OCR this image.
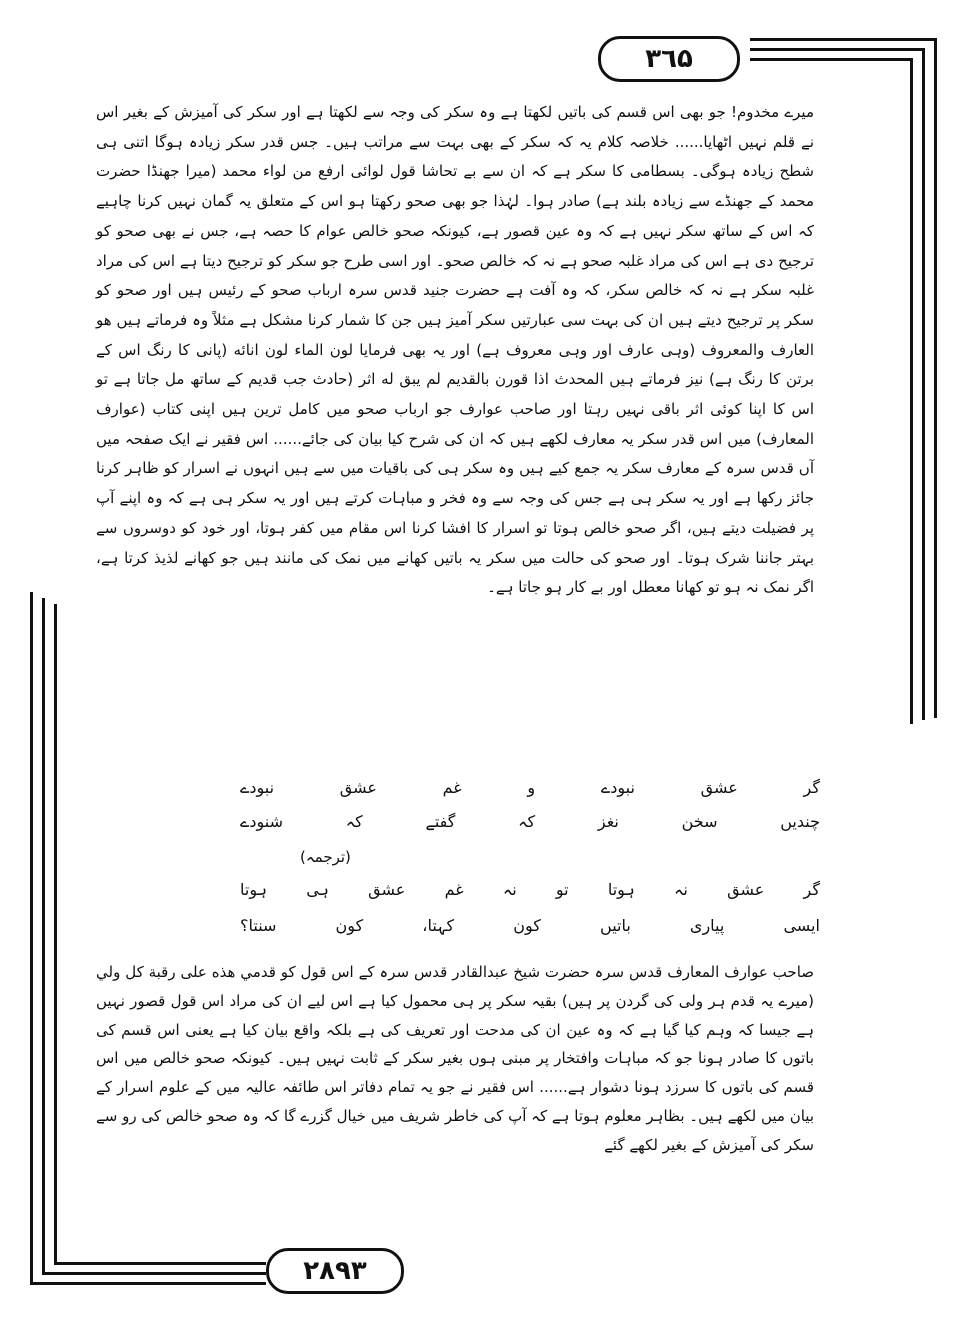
۳٦۵

میرے مخدوم! جو بھی اس قسم کی باتیں لکھتا ہے وہ سکر کی وجہ سے لکھتا ہے اور سکر کی آمیزش کے بغیر اس نے قلم نہیں اٹھایا...... خلاصہ کلام یہ کہ سکر کے بھی بہت سے مراتب ہیں۔ جس قدر سکر زیادہ ہوگا اتنی ہی شطح زیادہ ہوگی۔ بسطامی کا سکر ہے کہ ان سے بے تحاشا قول لوائی ارفع من لواء محمد (میرا جھنڈا حضرت محمد کے جھنڈے سے زیادہ بلند ہے) صادر ہوا۔ لہٰذا جو بھی صحو رکھتا ہو اس کے متعلق یہ گمان نہیں کرنا چاہیے کہ اس کے ساتھ سکر نہیں ہے کہ وہ عین قصور ہے، کیونکہ صحو خالص عوام کا حصہ ہے، جس نے بھی صحو کو ترجیح دی ہے اس کی مراد غلبہ صحو ہے نہ کہ خالص صحو۔ اور اسی طرح جو سکر کو ترجیح دیتا ہے اس کی مراد غلبہ سکر ہے نہ کہ خالص سکر، کہ وہ آفت ہے حضرت جنید قدس سرہ ارباب صحو کے رئیس ہیں اور صحو کو سکر پر ترجیح دیتے ہیں ان کی بہت سی عبارتیں سکر آمیز ہیں جن کا شمار کرنا مشکل ہے مثلاً وہ فرماتے ہیں هو العارف والمعروف (وہی عارف اور وہی معروف ہے) اور یہ بھی فرمایا لون الماء لون انائه (پانی کا رنگ اس کے برتن کا رنگ ہے) نیز فرماتے ہیں المحدث اذا قورن بالقديم لم يبق له اثر (حادث جب قدیم کے ساتھ مل جاتا ہے تو اس کا اپنا کوئی اثر باقی نہیں رہتا اور صاحب عوارف جو ارباب صحو میں کامل ترین ہیں اپنی کتاب (عوارف المعارف) میں اس قدر سکر یہ معارف لکھے ہیں کہ ان کی شرح کیا بیان کی جائے...... اس فقیر نے ایک صفحہ میں آں قدس سرہ کے معارف سکر یہ جمع کیے ہیں وہ سکر ہی کی باقیات میں سے ہیں انہوں نے اسرار کو ظاہر کرنا جائز رکھا ہے اور یہ سکر ہی ہے جس کی وجہ سے وہ فخر و مباہات کرتے ہیں اور یہ سکر ہی ہے کہ وہ اپنے آپ پر فضیلت دیتے ہیں، اگر صحو خالص ہوتا تو اسرار کا افشا کرنا اس مقام میں کفر ہوتا، اور خود کو دوسروں سے بہتر جاننا شرک ہوتا۔ اور صحو کی حالت میں سکر یہ باتیں کھانے میں نمک کی مانند ہیں جو کھانے لذیذ کرتا ہے، اگر نمک نہ ہو تو کھانا معطل اور بے کار ہو جاتا ہے۔

گر عشق نبودے و غم عشق نبودے
چندیں سخن نغز کہ گفتے کہ شنودے
(ترجمہ)
گر عشق نہ ہوتا تو نہ غم عشق ہی ہوتا
ایسی پیاری باتیں کون کہتا، کون سنتا؟

صاحب عوارف المعارف قدس سرہ حضرت شیخ عبدالقادر قدس سرہ کے اس قول کو قدمي هذه على رقبة كل ولي (میرے یہ قدم ہر ولی کی گردن پر ہیں) بقیہ سکر پر ہی محمول کیا ہے اس لیے ان کی مراد اس قول قصور نہیں ہے جیسا کہ وہم کیا گیا ہے کہ وہ عین ان کی مدحت اور تعریف کی ہے بلکہ واقع بیان کیا ہے یعنی اس قسم کی باتوں کا صادر ہونا جو کہ مباہات وافتخار پر مبنی ہوں بغیر سکر کے ثابت نہیں ہیں۔ کیونکہ صحو خالص میں اس قسم کی باتوں کا سرزد ہونا دشوار ہے...... اس فقیر نے جو یہ تمام دفاتر اس طائفہ عالیہ میں کے علوم اسرار کے بیان میں لکھے ہیں۔ بظاہر معلوم ہوتا ہے کہ آپ کی خاطر شریف میں خیال گزرے گا کہ وہ صحو خالص کی رو سے سکر کی آمیزش کے بغیر لکھے گئے

۲۸۹۳
